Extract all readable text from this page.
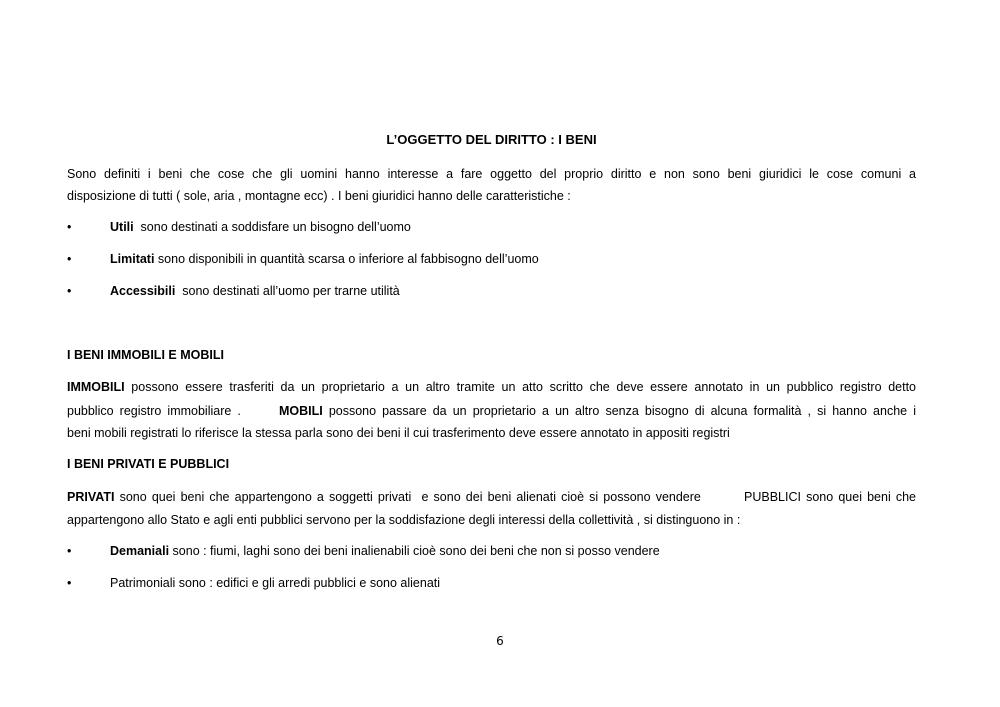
L’OGGETTO DEL DIRITTO : I BENI
Sono definiti i beni che cose che gli uomini hanno interesse a fare oggetto del proprio diritto e non sono beni giuridici le cose comuni a
disposizione di tutti ( sole, aria , montagne ecc) . I beni giuridici hanno delle caratteristiche :
•	Utili  sono destinati a soddisfare un bisogno dell’uomo
•	Limitati sono disponibili in quantità scarsa o inferiore al fabbisogno dell’uomo
•	Accessibili  sono destinati all’uomo per trarne utilità
I BENI IMMOBILI E MOBILI
IMMOBILI possono essere trasferiti da un proprietario a un altro tramite un atto scritto che deve essere annotato in un pubblico registro detto
pubblico registro immobiliare .	MOBILI possono passare da un proprietario a un altro senza bisogno di alcuna formalità , si hanno anche i
beni mobili registrati lo riferisce la stessa parla sono dei beni il cui trasferimento deve essere annotato in appositi registri
I BENI PRIVATI E PUBBLICI
PRIVATI sono quei beni che appartengono a soggetti privati  e sono dei beni alienati cioè si possono vendere	PUBBLICI sono quei beni che
appartengono allo Stato e agli enti pubblici servono per la soddisfazione degli interessi della collettività , si distinguono in :
•	Demaniali sono : fiumi, laghi sono dei beni inalienabili cioè sono dei beni che non si posso vendere
•	Patrimoniali sono : edifici e gli arredi pubblici e sono alienati
6
